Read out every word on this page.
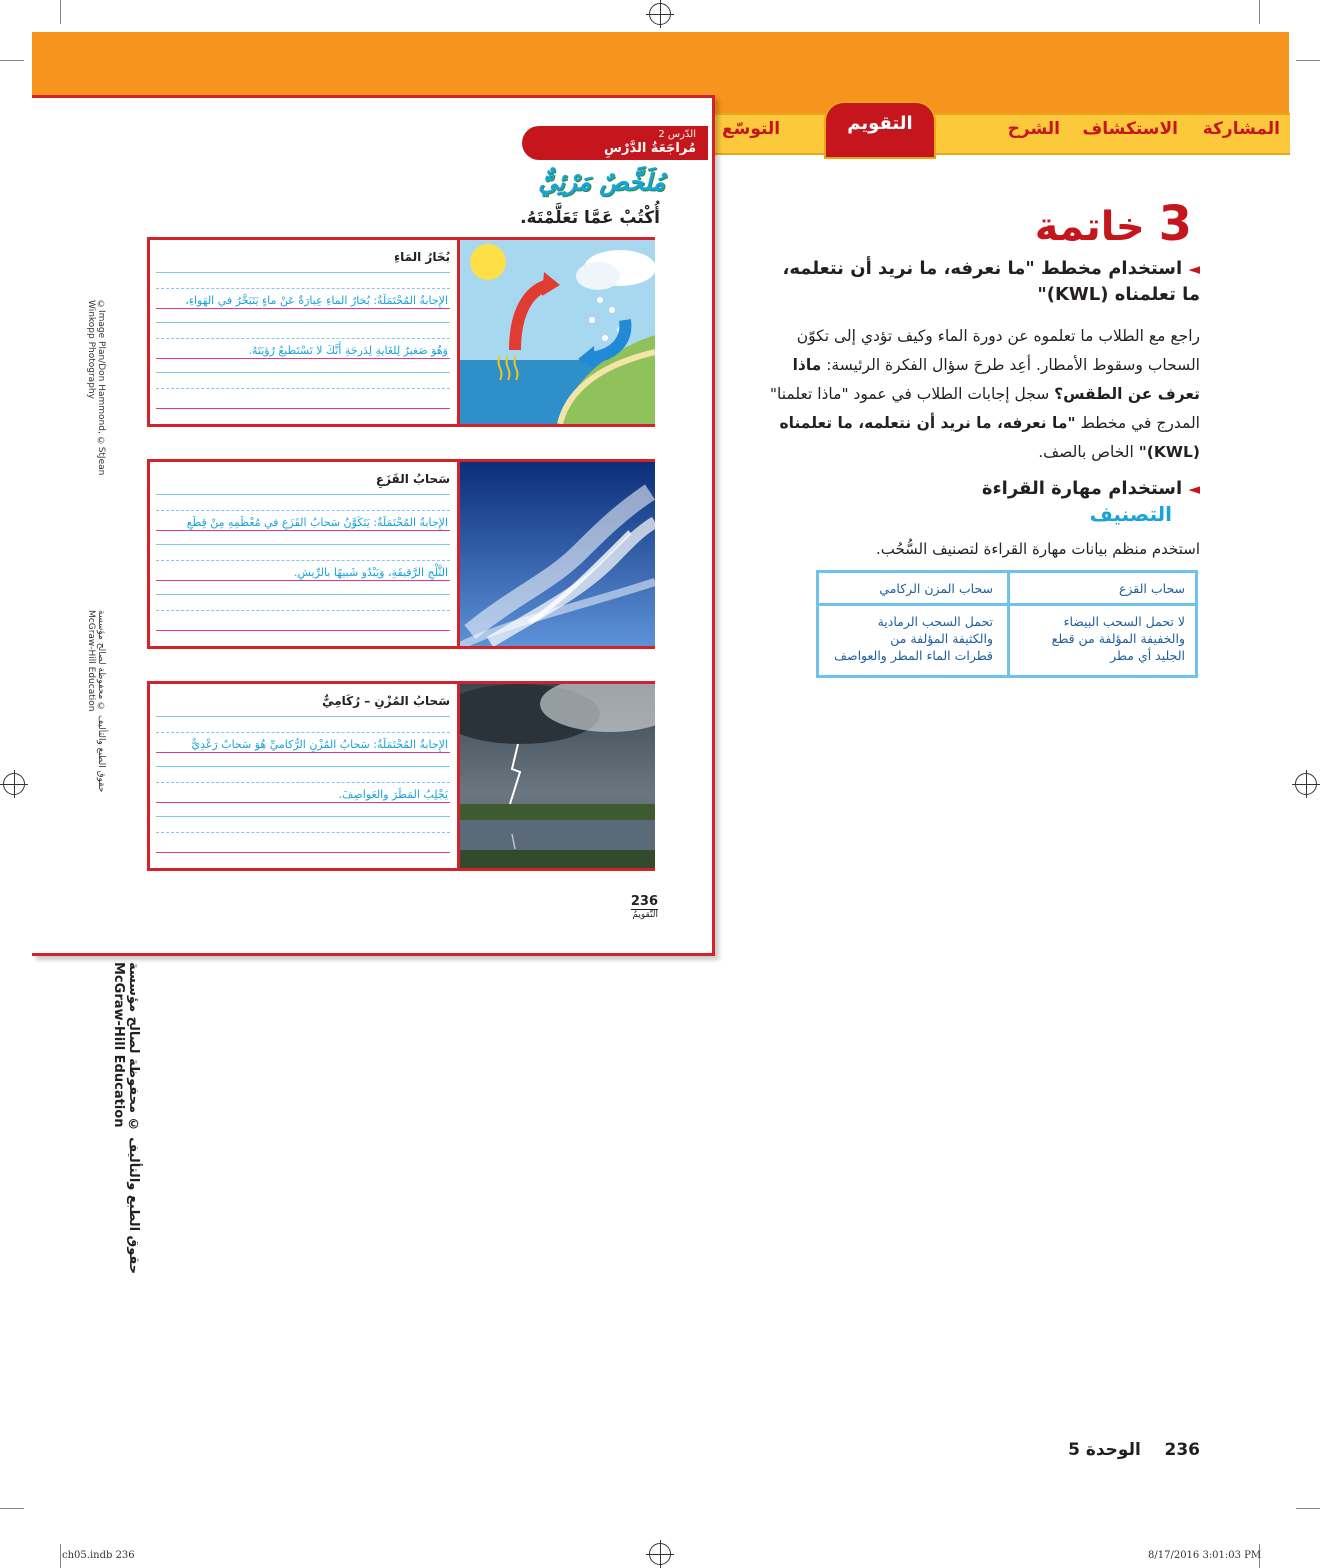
المشاركة
الاستكشاف
الشرح
التقويم
التوسّع
الدّرس 2
مُراجَعَةُ الدَّرْسِ
مُلَخَّصٌ مَرْئِيٌّ
أُكْتُبْ عَمَّا تَعَلَّمْتَهُ.
بُخَارُ المَاءِ
الإِجابةُ المُحْتَمَلَةُ: بُخارُ الماءِ عِبارَةٌ عَنْ ماءٍ يَتَبَخَّرُ في الهَواءِ،
وَهُوَ صَغيرٌ لِلغَايةِ لِدَرجَةِ أَنَّكَ لا تَسْتَطيعُ رُؤيَتَهُ.
سَحابُ القَزَعِ
الإِجابةُ المُحْتَمَلَةُ: يَتَكَوَّنُ سَحابُ القَزَعِ في مُعْظَمِهِ مِنْ قِطَعِ
الثَّلْجِ الرَّقيقَةِ، وَيَبْدُو شَبيهًا بالرِّيشِ.
سَحابُ المُزْنِ – رُكَامِيٌّ
الإِجابةُ المُحْتَمَلَةُ: سَحابُ المُزْنِ الرُّكاميِّ هُوَ سَحابٌ رَعْدِيٌّ
يَجْلِبُ المَطَرَ والعَواصِفَ.
236
التّقويمُ
©Image Plan/Don Hammond, ©StJean Winkopp Photography
حقوق الطبع والتأليف © محفوظة لصالح مؤسسة McGraw-Hill Education
حقوق الطبع والتأليف © محفوظة لصالح مؤسسة McGraw-Hill Education
3 خاتمة
◄ استخدام مخطط "ما نعرفه، ما نريد أن نتعلمه، ما تعلمناه (KWL)"
راجع مع الطلاب ما تعلموه عن دورة الماء وكيف تؤدي إلى تكوّن السحاب وسقوط الأمطار. أعِد طرحَ سؤال الفكرة الرئيسة: ماذا تعرف عن الطقس؟ سجل إجابات الطلاب في عمود "ماذا تعلمنا" المدرج في مخطط "ما نعرفه، ما نريد أن نتعلمه، ما تعلمناه (KWL)" الخاص بالصف.
◄ استخدام مهارة القراءة
التصنيف
استخدم منظم بيانات مهارة القراءة لتصنيف السُّحُب.
سحاب القزع
سحاب المزن الركامي
لا تحمل السحب البيضاء
والخفيفة المؤلفة من قطع
الجليد أي مطر
تحمل السحب الرمادية
والكثيفة المؤلفة من
قطرات الماء المطر والعواصف
236    الوحدة 5
ch05.indb 236	8/17/2016 3:01:03 PM
